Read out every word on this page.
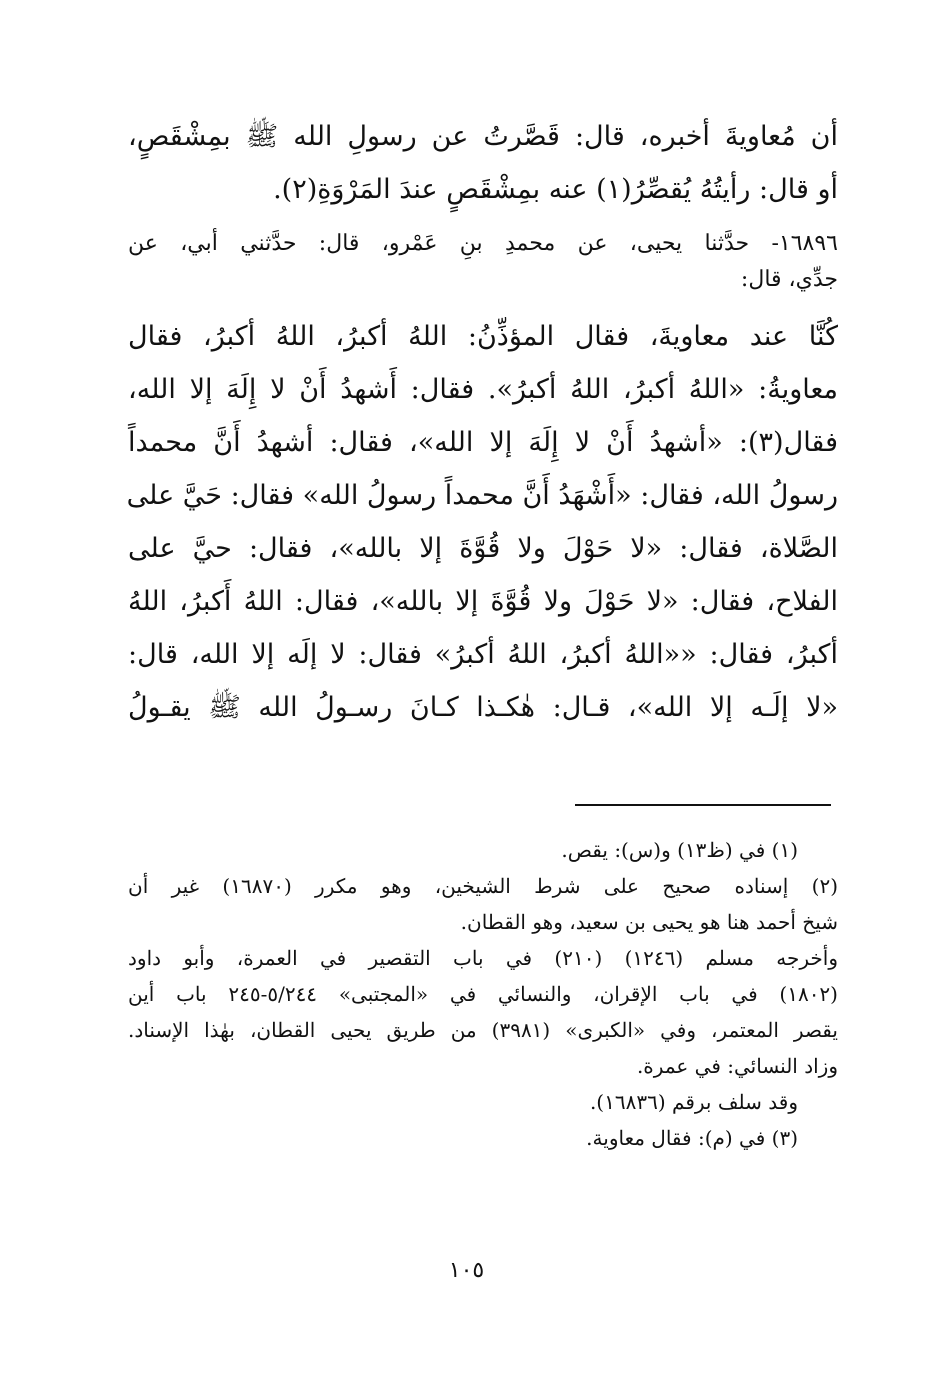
أن مُعاويةَ أخبره، قال: قَصَّرتُ عن رسولِ الله ﷺ بمِشْقَصٍ،
أو قال: رأيتُهُ يُقصِّرُ(١) عنه بمِشْقَصٍ عندَ المَرْوَةِ(٢).

١٦٨٩٦- حدَّثنا يحيى، عن محمدِ بنِ عَمْرو، قال: حدَّثني أبي، عن
جدِّي، قال:

كُنَّا عند معاويةَ، فقال المؤذِّنُ: اللهُ أكبرُ، اللهُ أكبرُ، فقال
معاويةُ: «اللهُ أكبرُ، اللهُ أكبرُ». فقال: أَشهدُ أَنْ لا إِلَهَ إلا الله،
فقال(٣): «أشهدُ أَنْ لا إِلَهَ إلا الله»، فقال: أشهدُ أَنَّ محمداً
رسولُ الله، فقال: «أَشْهَدُ أَنَّ محمداً رسولُ الله» فقال: حَيَّ على
الصَّلاة، فقال: «لا حَوْلَ ولا قُوَّةَ إلا بالله»، فقال: حيَّ على
الفلاح، فقال: «لا حَوْلَ ولا قُوَّةَ إلا بالله»، فقال: اللهُ أَكبرُ، اللهُ
أكبرُ، فقال: ««اللهُ أكبرُ، اللهُ أكبرُ» فقال: لا إلَه إلا الله، قال:
«لا إلَـه إلا الله»، قـال: هٰكـذا كـانَ رسـولُ الله ﷺ يقـولُ

(١) في (ظ١٣) و(س): يقص.

(٢) إسناده صحيح على شرط الشيخين، وهو مكرر (١٦٨٧٠) غير أن
شيخ أحمد هنا هو يحيى بن سعيد، وهو القطان.

وأخرجه مسلم (١٢٤٦) (٢١٠) في باب التقصير في العمرة، وأبو داود
(١٨٠٢) في باب الإقران، والنسائي في «المجتبى» ٥/٢٤٤-٢٤٥ باب أين
يقصر المعتمر، وفي «الكبرى» (٣٩٨١) من طريق يحيى القطان، بهٰذا الإسناد.
وزاد النسائي: في عمرة.

وقد سلف برقم (١٦٨٣٦).

(٣) في (م): فقال معاوية.

١٠٥
